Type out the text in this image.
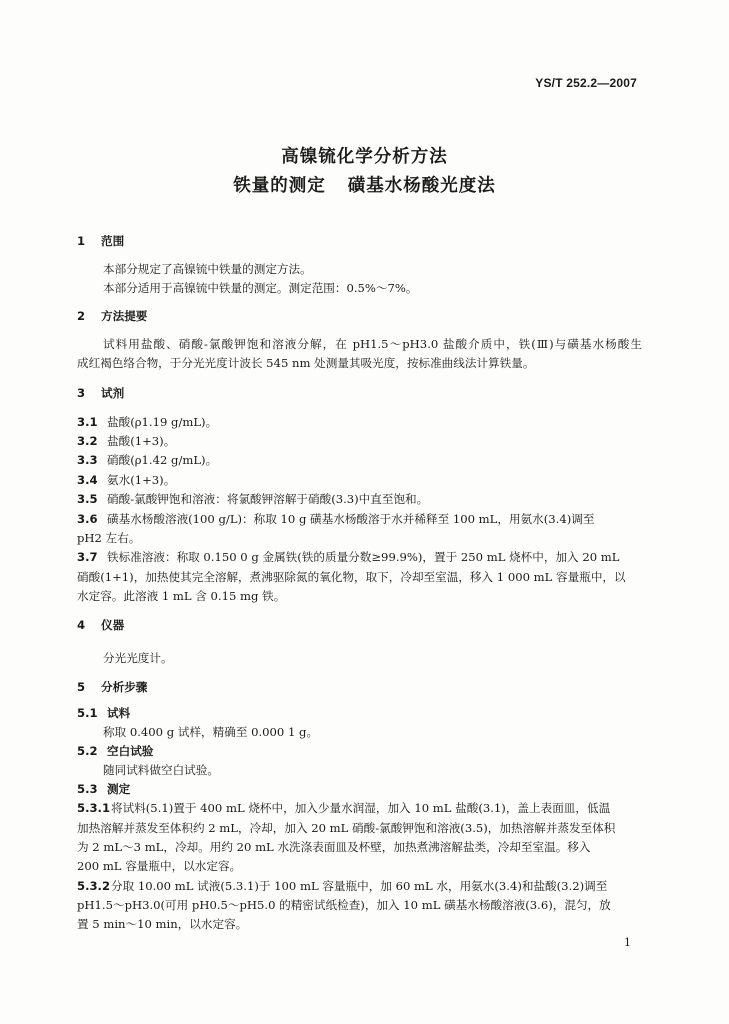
YS/T 252.2—2007
高镍锍化学分析方法
铁量的测定 磺基水杨酸光度法
1 范围
本部分规定了高镍锍中铁量的测定方法。
本部分适用于高镍锍中铁量的测定。测定范围：0.5%～7%。
2 方法提要
试料用盐酸、硝酸-氯酸钾饱和溶液分解，在 pH1.5～pH3.0 盐酸介质中，铁(Ⅲ)与磺基水杨酸生
成红褐色络合物，于分光光度计波长 545 nm 处测量其吸光度，按标准曲线法计算铁量。
3 试剂
3.1 盐酸(ρ1.19 g/mL)。
3.2 盐酸(1+3)。
3.3 硝酸(ρ1.42 g/mL)。
3.4 氨水(1+3)。
3.5 硝酸-氯酸钾饱和溶液：将氯酸钾溶解于硝酸(3.3)中直至饱和。
3.6 磺基水杨酸溶液(100 g/L)：称取 10 g 磺基水杨酸溶于水并稀释至 100 mL，用氨水(3.4)调至
pH2 左右。
3.7 铁标准溶液：称取 0.150 0 g 金属铁(铁的质量分数≥99.9%)，置于 250 mL 烧杯中，加入 20 mL
硝酸(1+1)，加热使其完全溶解，煮沸驱除氮的氧化物，取下，冷却至室温，移入 1 000 mL 容量瓶中，以
水定容。此溶液 1 mL 含 0.15 mg 铁。
4 仪器
分光光度计。
5 分析步骤
5.1 试料
称取 0.400 g 试样，精确至 0.000 1 g。
5.2 空白试验
随同试料做空白试验。
5.3 测定
5.3.1将试料(5.1)置于 400 mL 烧杯中，加入少量水润湿，加入 10 mL 盐酸(3.1)，盖上表面皿，低温
加热溶解并蒸发至体积约 2 mL，冷却，加入 20 mL 硝酸-氯酸钾饱和溶液(3.5)，加热溶解并蒸发至体积
为 2 mL～3 mL，冷却。用约 20 mL 水洗涤表面皿及杯壁，加热煮沸溶解盐类，冷却至室温。移入
200 mL 容量瓶中，以水定容。
5.3.2分取 10.00 mL 试液(5.3.1)于 100 mL 容量瓶中，加 60 mL 水，用氨水(3.4)和盐酸(3.2)调至
pH1.5～pH3.0(可用 pH0.5～pH5.0 的精密试纸检查)，加入 10 mL 磺基水杨酸溶液(3.6)，混匀，放
置 5 min～10 min，以水定容。
1
